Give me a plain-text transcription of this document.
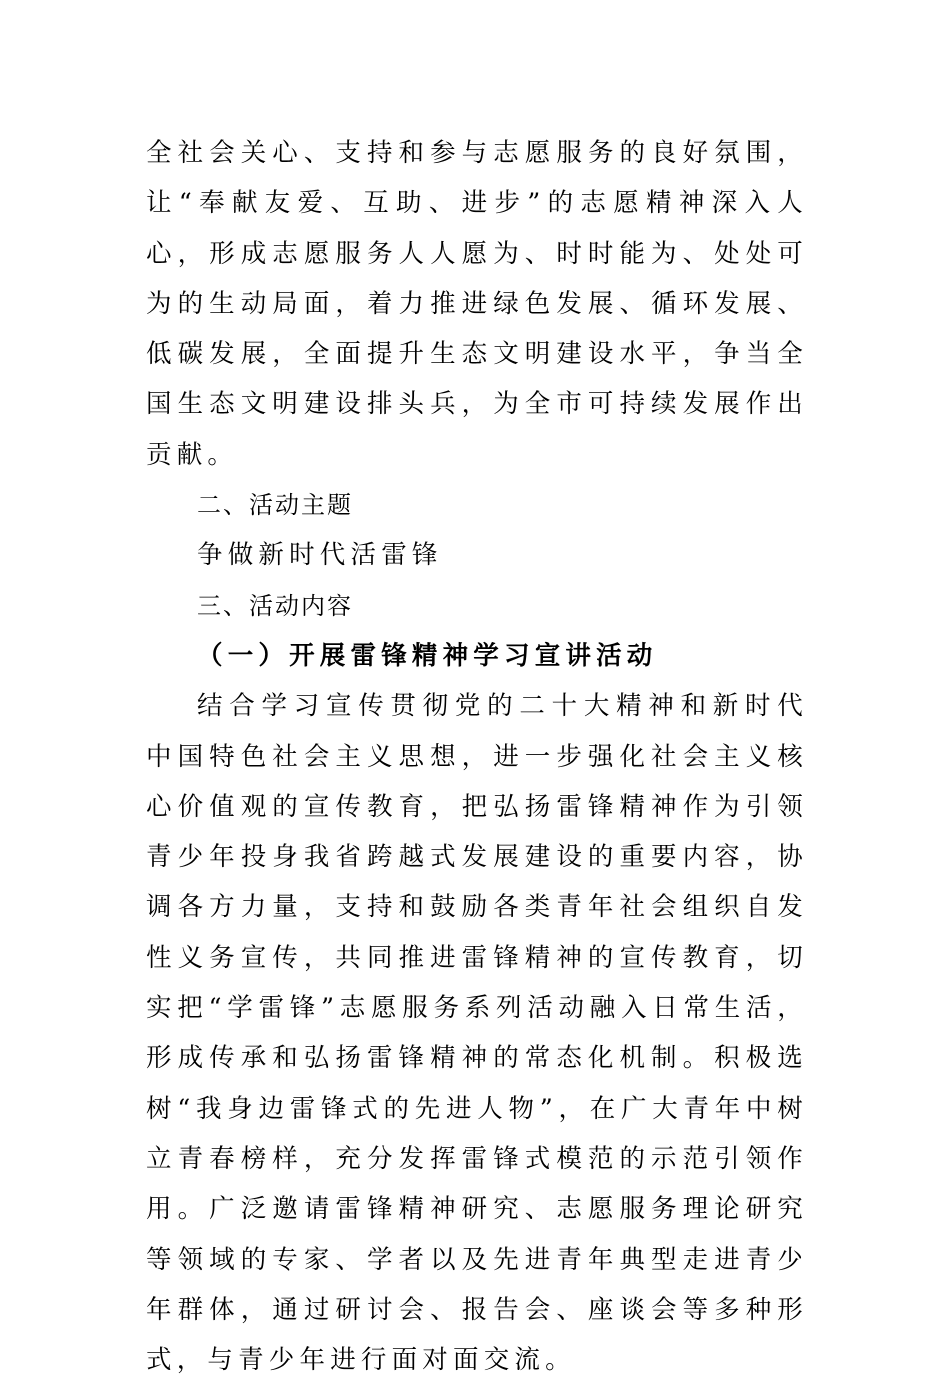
全社会关心、支持和参与志愿服务的良好氛围，让“奉献友爱、互助、进步”的志愿精神深入人心，形成志愿服务人人愿为、时时能为、处处可为的生动局面，着力推进绿色发展、循环发展、低碳发展，全面提升生态文明建设水平，争当全国生态文明建设排头兵，为全市可持续发展作出贡献。

二、活动主题

争做新时代活雷锋

三、活动内容

（一）开展雷锋精神学习宣讲活动

结合学习宣传贯彻党的二十大精神和新时代中国特色社会主义思想，进一步强化社会主义核心价值观的宣传教育，把弘扬雷锋精神作为引领青少年投身我省跨越式发展建设的重要内容，协调各方力量，支持和鼓励各类青年社会组织自发性义务宣传，共同推进雷锋精神的宣传教育，切实把“学雷锋”志愿服务系列活动融入日常生活，形成传承和弘扬雷锋精神的常态化机制。积极选树“我身边雷锋式的先进人物”，在广大青年中树立青春榜样，充分发挥雷锋式模范的示范引领作用。广泛邀请雷锋精神研究、志愿服务理论研究等领域的专家、学者以及先进青年典型走进青少年群体，通过研讨会、报告会、座谈会等多种形式，与青少年进行面对面交流。
